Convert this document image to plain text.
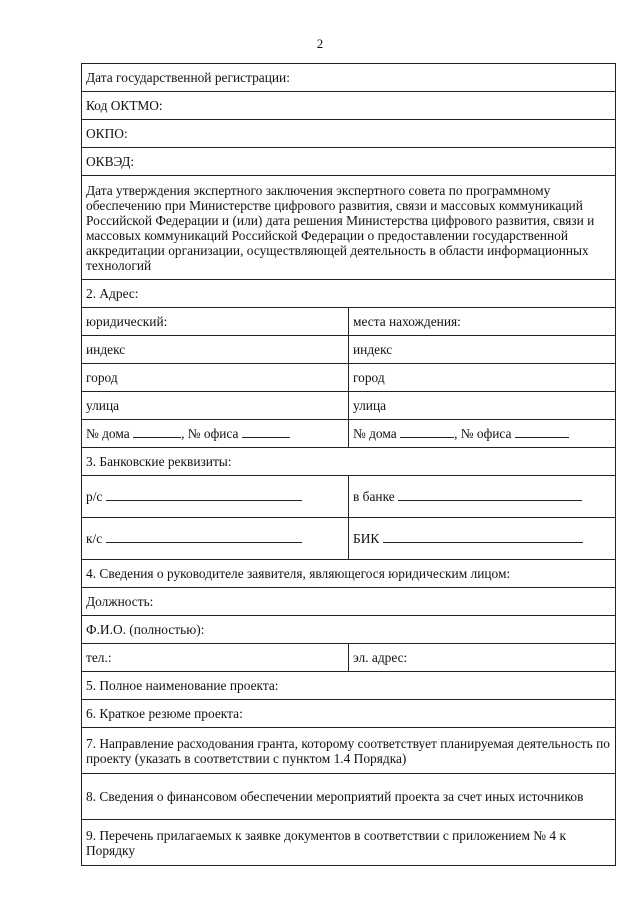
2
Дата государственной регистрации:	
Код ОКТМО:	
ОКПО:	
ОКВЭД:	
Дата утверждения экспертного заключения экспертного совета по программному обеспечению при Министерстве цифрового развития, связи и массовых коммуникаций Российской Федерации и (или) дата решения Министерства цифрового развития, связи и массовых коммуникаций Российской Федерации о предоставлении государственной аккредитации организации, осуществляющей деятельность в области информационных технологий	
2. Адрес:	
юридический:	места нахождения:
индекс	индекс
город	город
улица	улица
№ дома , № офиса	№ дома , № офиса
3. Банковские реквизиты:	
р/с	в банке
к/с	БИК
4. Сведения о руководителе заявителя, являющегося юридическим лицом:	
Должность:	
Ф.И.О. (полностью):	
тел.:	эл. адрес:
5. Полное наименование проекта:	
6. Краткое резюме проекта:	
7. Направление расходования гранта, которому соответствует планируемая деятельность по проекту (указать в соответствии с пунктом 1.4 Порядка)	
8. Сведения о финансовом обеспечении мероприятий проекта за счет иных источников	
9. Перечень прилагаемых к заявке документов в соответствии с приложением № 4 к Порядку	
